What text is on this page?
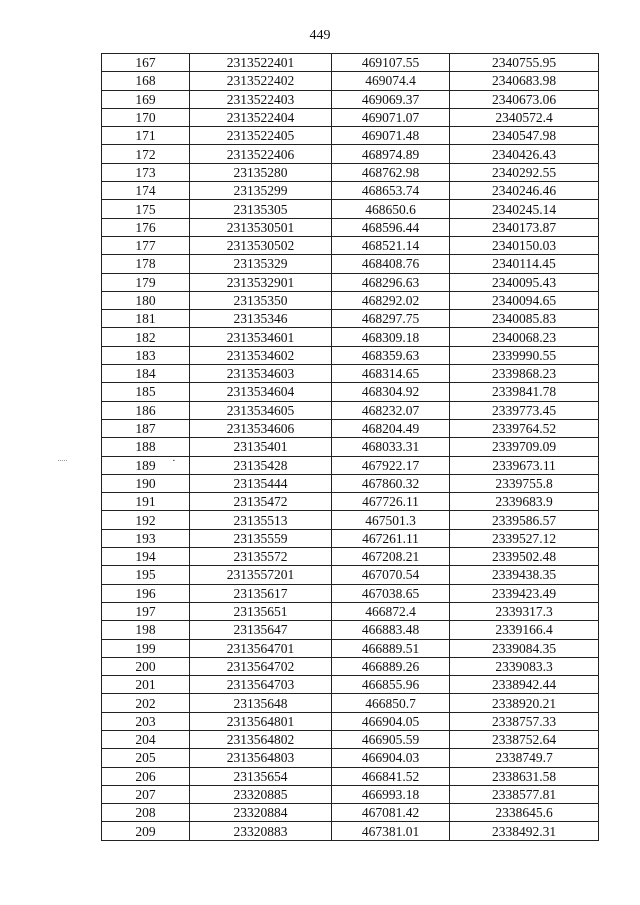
449
167	2313522401	469107.55	2340755.95
168	2313522402	469074.4	2340683.98
169	2313522403	469069.37	2340673.06
170	2313522404	469071.07	2340572.4
171	2313522405	469071.48	2340547.98
172	2313522406	468974.89	2340426.43
173	23135280	468762.98	2340292.55
174	23135299	468653.74	2340246.46
175	23135305	468650.6	2340245.14
176	2313530501	468596.44	2340173.87
177	2313530502	468521.14	2340150.03
178	23135329	468408.76	2340114.45
179	2313532901	468296.63	2340095.43
180	23135350	468292.02	2340094.65
181	23135346	468297.75	2340085.83
182	2313534601	468309.18	2340068.23
183	2313534602	468359.63	2339990.55
184	2313534603	468314.65	2339868.23
185	2313534604	468304.92	2339841.78
186	2313534605	468232.07	2339773.45
187	2313534606	468204.49	2339764.52
188	23135401	468033.31	2339709.09
189	23135428	467922.17	2339673.11
190	23135444	467860.32	2339755.8
191	23135472	467726.11	2339683.9
192	23135513	467501.3	2339586.57
193	23135559	467261.11	2339527.12
194	23135572	467208.21	2339502.48
195	2313557201	467070.54	2339438.35
196	23135617	467038.65	2339423.49
197	23135651	466872.4	2339317.3
198	23135647	466883.48	2339166.4
199	2313564701	466889.51	2339084.35
200	2313564702	466889.26	2339083.3
201	2313564703	466855.96	2338942.44
202	23135648	466850.7	2338920.21
203	2313564801	466904.05	2338757.33
204	2313564802	466905.59	2338752.64
205	2313564803	466904.03	2338749.7
206	23135654	466841.52	2338631.58
207	23320885	466993.18	2338577.81
208	23320884	467081.42	2338645.6
209	23320883	467381.01	2338492.31
·
